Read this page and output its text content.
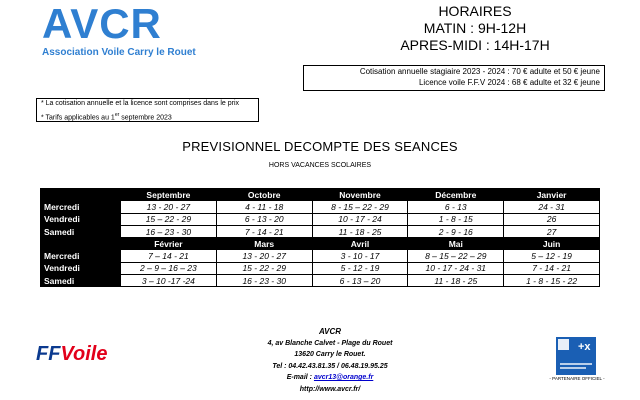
AVCR
Association Voile Carry le Rouet
HORAIRES
MATIN : 9H-12H
APRES-MIDI : 14H-17H
Cotisation annuelle stagiaire 2023 - 2024 : 70 € adulte et 50 € jeune
Licence voile F.F.V 2024 : 68 € adulte et 32 € jeune
* La cotisation annuelle et la licence sont comprises dans le prix
* Tarifs applicables au 1er septembre 2023
PREVISIONNEL DECOMPTE DES SEANCES
HORS VACANCES SCOLAIRES
	Septembre	Octobre	Novembre	Décembre	Janvier
Mercredi	13 - 20 - 27	4 - 11 - 18	8 - 15 – 22 - 29	6 - 13	24 - 31
Vendredi	15 – 22 - 29	6 - 13 - 20	10 - 17 - 24	1 - 8 - 15	26
Samedi	16 – 23 - 30	7 - 14 - 21	11 - 18 - 25	2 - 9 - 16	27
	Février	Mars	Avril	Mai	Juin
Mercredi	7 – 14 - 21	13 - 20 - 27	3 - 10 - 17	8 – 15 – 22 – 29	5 – 12 - 19
Vendredi	2 – 9 – 16 – 23	15 - 22 - 29	5 - 12 - 19	10 - 17 - 24 - 31	7 - 14 - 21
Samedi	3 – 10 -17 -24	16 - 23 - 30	6 - 13 – 20	11 - 18 - 25	1 - 8 - 15 - 22
AVCR
4, av Blanche Calvet - Plage du Rouet
13620 Carry le Rouet.
Tel : 04.42.43.81.35 / 06.48.19.95.25
E-mail : avcr13@orange.fr
http://www.avcr.fr/
FFVoile	+x
- PARTENAIRE OFFICIEL -
